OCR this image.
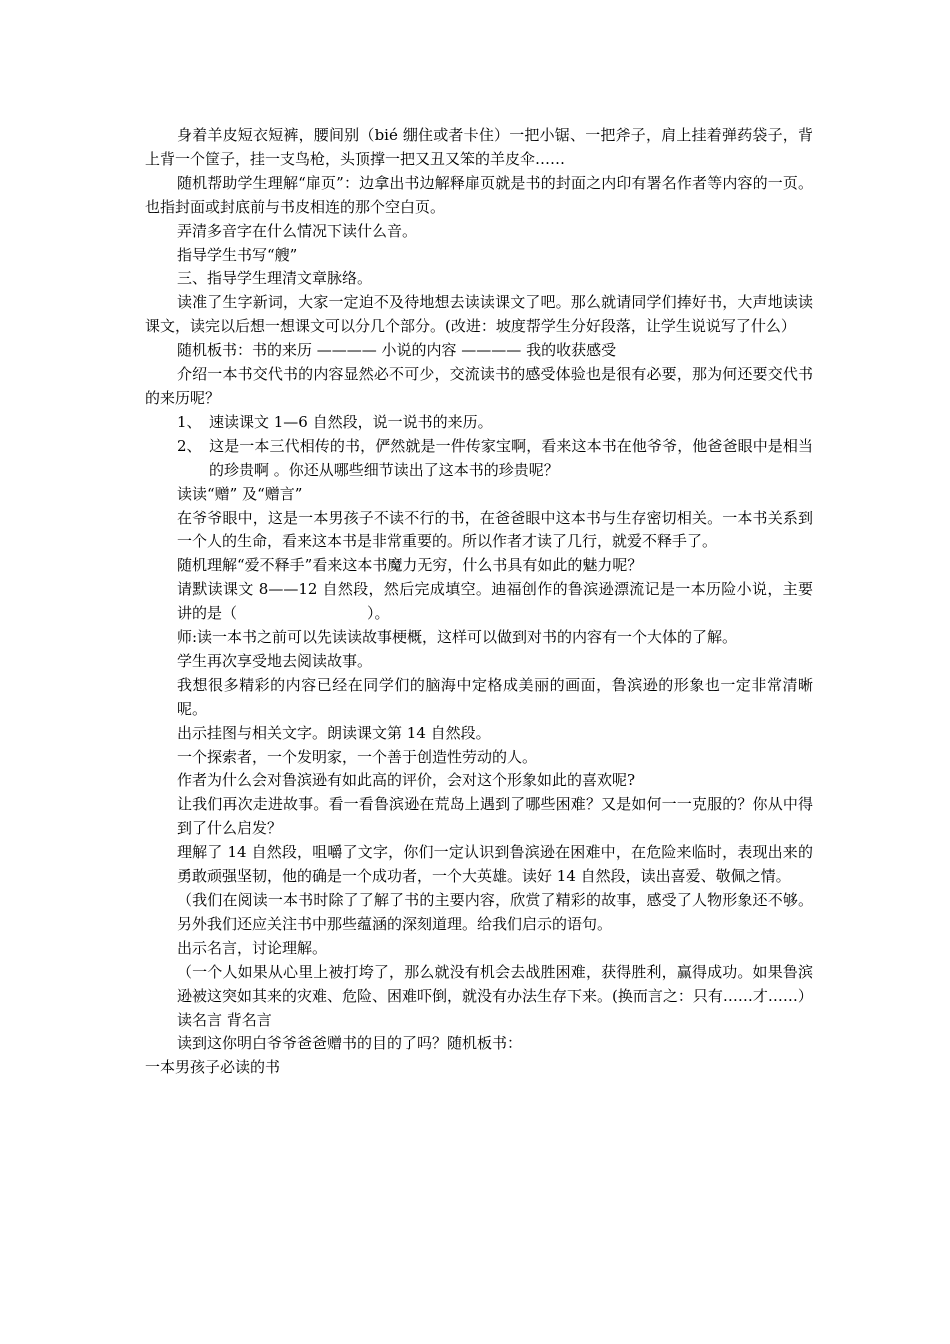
身着羊皮短衣短裤，腰间别（bié 绷住或者卡住）一把小锯、一把斧子，肩上挂着弹药袋子，背上背一个筐子，挂一支鸟枪，头顶撑一把又丑又笨的羊皮伞……

随机帮助学生理解“扉页”：边拿出书边解释扉页就是书的封面之内印有署名作者等内容的一页。也指封面或封底前与书皮相连的那个空白页。

弄清多音字在什么情况下读什么音。

指导学生书写“艘”

三、指导学生理清文章脉络。

读准了生字新词，大家一定迫不及待地想去读读课文了吧。那么就请同学们捧好书，大声地读读课文，读完以后想一想课文可以分几个部分。(改进：坡度帮学生分好段落，让学生说说写了什么）

随机板书：书的来历 ———— 小说的内容 ———— 我的收获感受

介绍一本书交代书的内容显然必不可少，交流读书的感受体验也是很有必要，那为何还要交代书的来历呢？

1、 速读课文 1—6 自然段，说一说书的来历。

2、 这是一本三代相传的书，俨然就是一件传家宝啊，看来这本书在他爷爷，他爸爸眼中是相当的珍贵啊 。你还从哪些细节读出了这本书的珍贵呢？

读读“赠” 及“赠言”

在爷爷眼中，这是一本男孩子不读不行的书，在爸爸眼中这本书与生存密切相关。一本书关系到一个人的生命，看来这本书是非常重要的。所以作者才读了几行，就爱不释手了。

随机理解“爱不释手”看来这本书魔力无穷，什么书具有如此的魅力呢？

请默读课文 8——12 自然段，然后完成填空。迪福创作的鲁滨逊漂流记是一本历险小说，主要讲的是（	）。

师:读一本书之前可以先读读故事梗概，这样可以做到对书的内容有一个大体的了解。

学生再次享受地去阅读故事。

我想很多精彩的内容已经在同学们的脑海中定格成美丽的画面，鲁滨逊的形象也一定非常清晰呢。

出示挂图与相关文字。朗读课文第 14 自然段。

一个探索者，一个发明家，一个善于创造性劳动的人。

作者为什么会对鲁滨逊有如此高的评价，会对这个形象如此的喜欢呢?

让我们再次走进故事。看一看鲁滨逊在荒岛上遇到了哪些困难？又是如何一一克服的？你从中得到了什么启发？

理解了 14 自然段，咀嚼了文字，你们一定认识到鲁滨逊在困难中，在危险来临时，表现出来的勇敢顽强坚韧，他的确是一个成功者，一个大英雄。读好 14 自然段，读出喜爱、敬佩之情。

（我们在阅读一本书时除了了解了书的主要内容，欣赏了精彩的故事，感受了人物形象还不够。另外我们还应关注书中那些蕴涵的深刻道理。给我们启示的语句。

出示名言，讨论理解。

（一个人如果从心里上被打垮了，那么就没有机会去战胜困难，获得胜利，赢得成功。如果鲁滨逊被这突如其来的灾难、危险、困难吓倒，就没有办法生存下来。(换而言之：只有……才……）

读名言 背名言

读到这你明白爷爷爸爸赠书的目的了吗？随机板书：

一本男孩子必读的书
